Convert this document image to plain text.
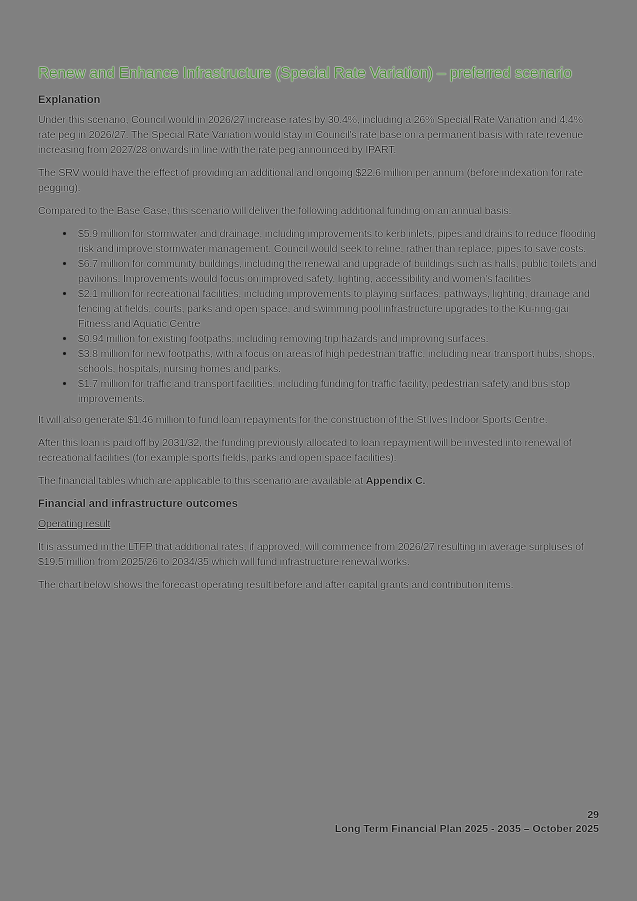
Renew and Enhance Infrastructure (Special Rate Variation) – preferred scenario
Explanation

Under this scenario, Council would in 2026/27 increase rates by 30.4%, including a 26% Special Rate Variation and 4.4% rate peg in 2026/27. The Special Rate Variation would stay in Council's rate base on a permanent basis with rate revenue increasing from 2027/28 onwards in line with the rate peg announced by IPART.

The SRV would have the effect of providing an additional and ongoing $22.6 million per annum (before indexation for rate pegging).

Compared to the Base Case, this scenario will deliver the following additional funding on an annual basis:

• $5.9 million for stormwater and drainage, including improvements to kerb inlets, pipes and drains to reduce flooding risk and improve stormwater management. Council would seek to reline, rather than replace, pipes to save costs.
• $6.7 million for community buildings, including the renewal and upgrade of buildings such as halls, public toilets and pavilions. Improvements would focus on improved safety, lighting, accessibility and women's facilities
• $2.1 million for recreational facilities, including improvements to playing surfaces, pathways, lighting, drainage and fencing at fields, courts, parks and open space, and swimming pool infrastructure upgrades to the Ku-ring-gai Fitness and Aquatic Centre
• $0.94 million for existing footpaths, including removing trip hazards and improving surfaces.
• $3.8 million for new footpaths, with a focus on areas of high pedestrian traffic, including near transport hubs, shops, schools, hospitals, nursing homes and parks.
• $1.7 million for traffic and transport facilities, including funding for traffic facility, pedestrian safety and bus stop improvements.

It will also generate $1.46 million to fund loan repayments for the construction of the St Ives Indoor Sports Centre.

After this loan is paid off by 2031/32, the funding previously allocated to loan repayment will be invested into renewal of recreational facilities (for example sports fields, parks and open space facilities).

The financial tables which are applicable to this scenario are available at Appendix C.

Financial and infrastructure outcomes

Operating result

It is assumed in the LTFP that additional rates, if approved, will commence from 2026/27 resulting in average surpluses of $19.5 million from 2025/26 to 2034/35 which will fund infrastructure renewal works.

The chart below shows the forecast operating result before and after capital grants and contribution items.

29
Long Term Financial Plan 2025 - 2035 – October 2025
